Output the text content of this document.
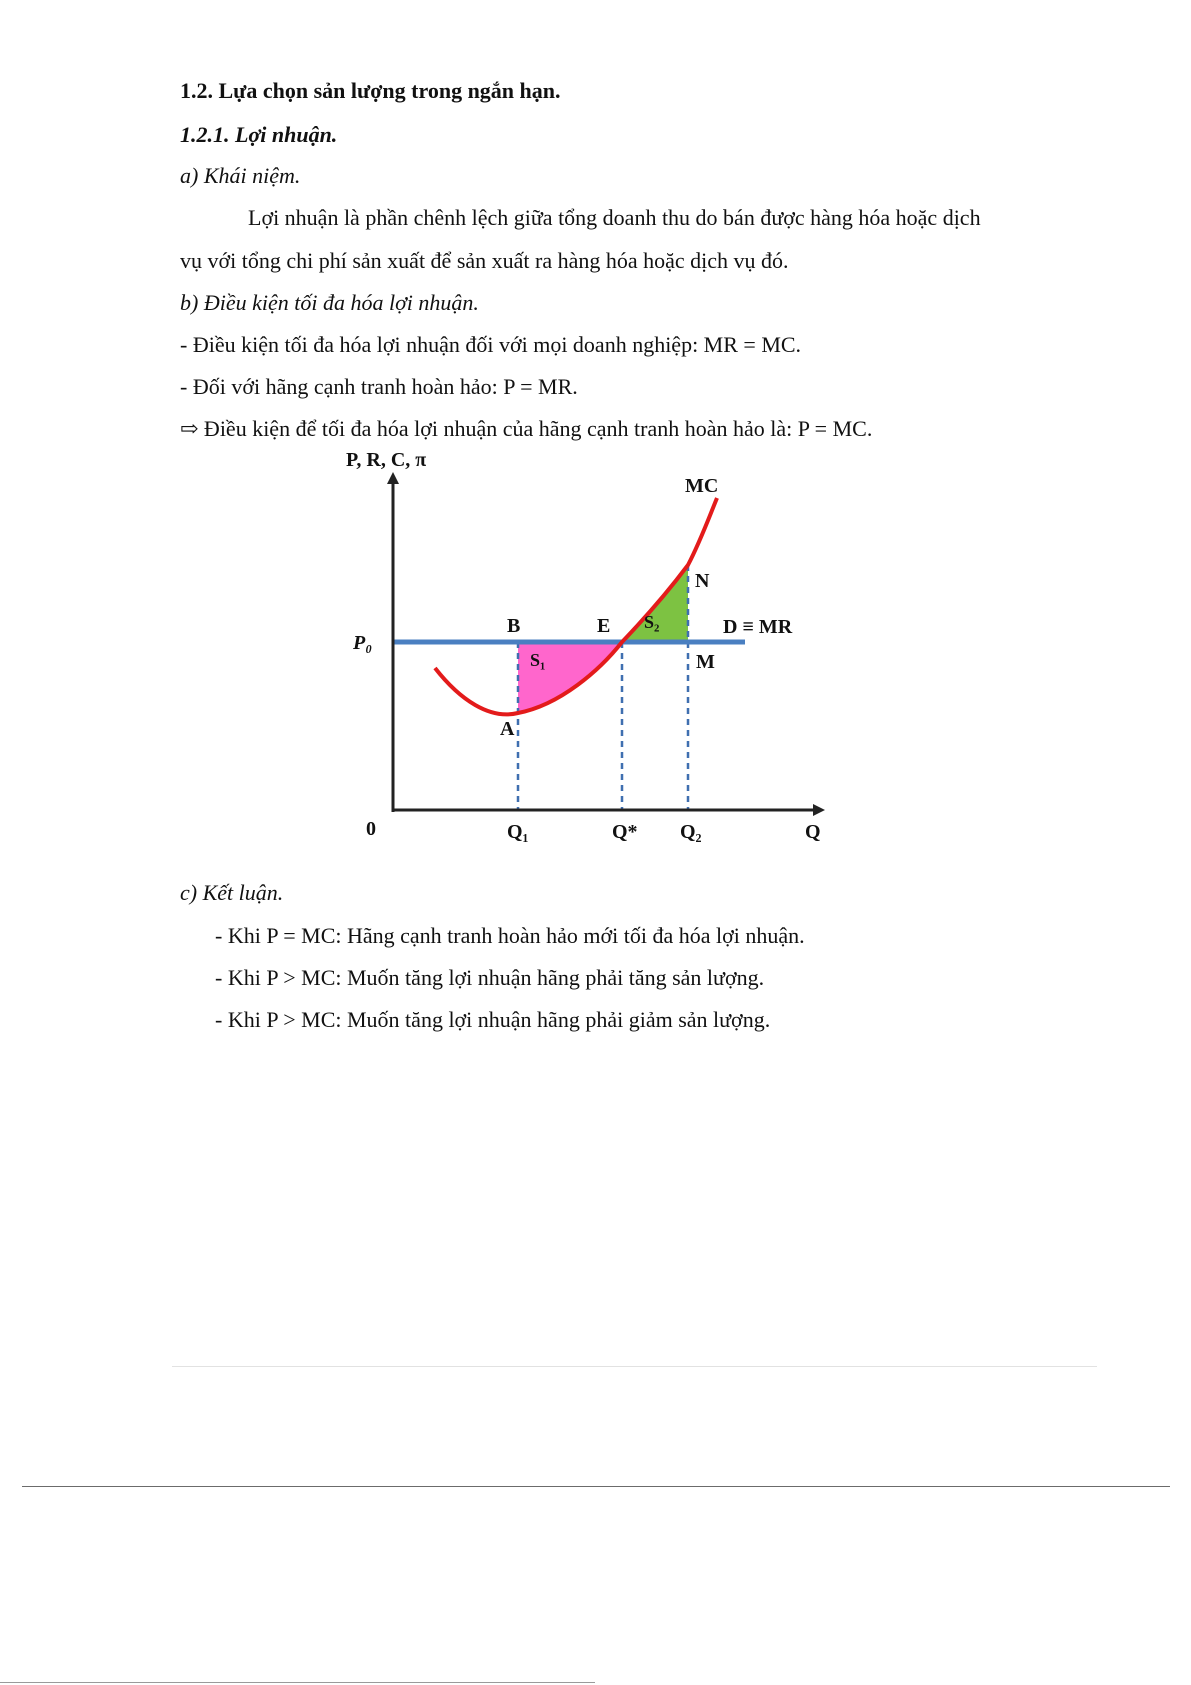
1.2. Lựa chọn sản lượng trong ngắn hạn.
1.2.1. Lợi nhuận.
a) Khái niệm.
Lợi nhuận là phần chênh lệch giữa tổng doanh thu do bán được hàng hóa hoặc dịch
vụ với tổng chi phí sản xuất để sản xuất ra hàng hóa hoặc dịch vụ đó.
b) Điều kiện tối đa hóa lợi nhuận.
- Điều kiện tối đa hóa lợi nhuận đối với mọi doanh nghiệp: MR = MC.
- Đối với hãng cạnh tranh hoàn hảo: P = MR.
⇨ Điều kiện để tối đa hóa lợi nhuận của hãng cạnh tranh hoàn hảo là: P = MC.
P, R, C, π
MC
N
B	E S₂	D ≡ MR
P₀
S₁	M
A
0	Q₁	Q* Q₂	Q
c) Kết luận.
- Khi P = MC: Hãng cạnh tranh hoàn hảo mới tối đa hóa lợi nhuận.
- Khi P > MC: Muốn tăng lợi nhuận hãng phải tăng sản lượng.
- Khi P > MC: Muốn tăng lợi nhuận hãng phải giảm sản lượng.
